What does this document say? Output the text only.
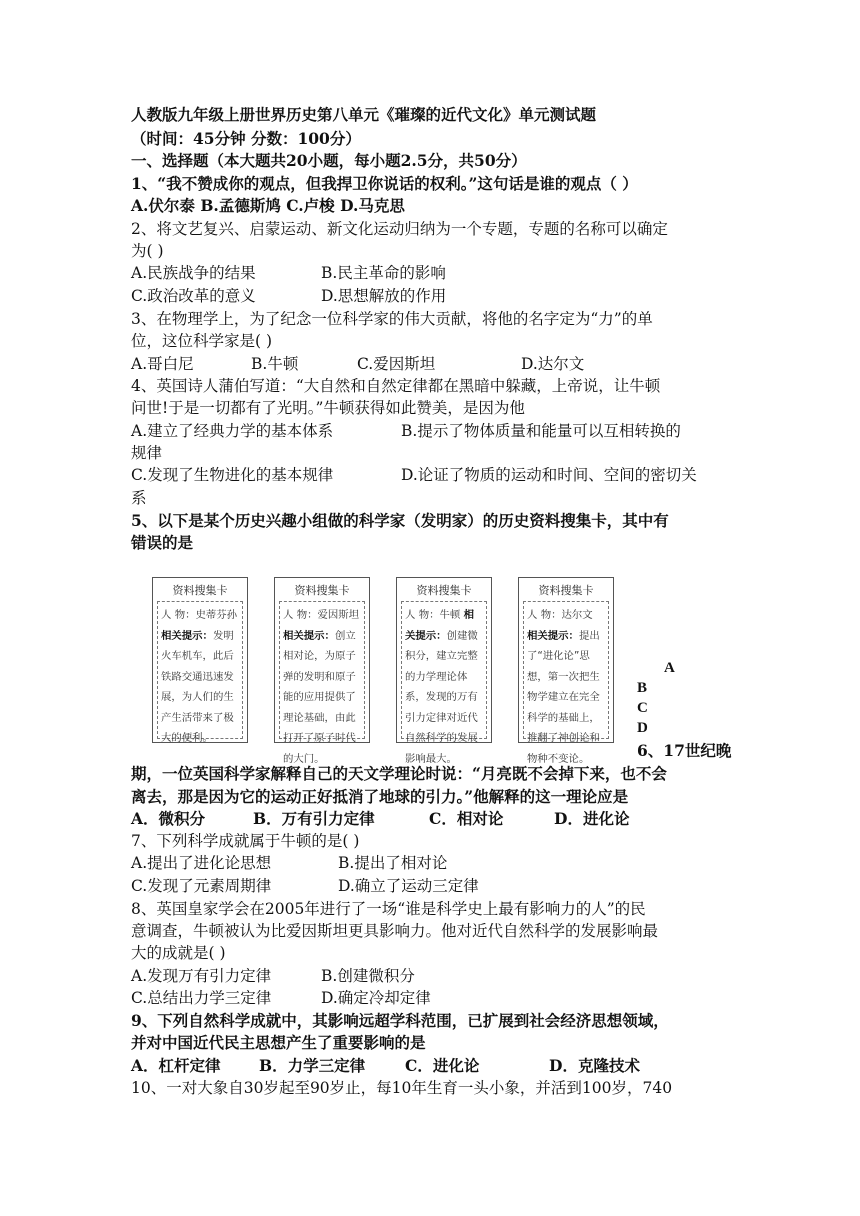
人教版九年级上册世界历史第八单元《璀璨的近代文化》单元测试题
（时间：45分钟 分数：100分）
一、选择题（本大题共20小题，每小题2.5分，共50分）
1、“我不赞成你的观点，但我捍卫你说话的权利。”这句话是谁的观点（ ）
A.伏尔泰 B.孟德斯鸠 C.卢梭 D.马克思
2、将文艺复兴、启蒙运动、新文化运动归纳为一个专题，专题的名称可以确定
为( )
A.民族战争的结果	B.民主革命的影响
C.政治改革的意义	D.思想解放的作用
3、在物理学上，为了纪念一位科学家的伟大贡献，将他的名字定为“力”的单
位，这位科学家是( )
A.哥白尼	B.牛顿	C.爱因斯坦	D.达尔文
4、英国诗人蒲伯写道：“大自然和自然定律都在黑暗中躲藏，上帝说，让牛顿
问世!于是一切都有了光明。”牛顿获得如此赞美，是因为他
A.建立了经典力学的基本体系	B.提示了物体质量和能量可以互相转换的
规律
C.发现了生物进化的基本规律	D.论证了物质的运动和时间、空间的密切关
系
5、以下是某个历史兴趣小组做的科学家（发明家）的历史资料搜集卡，其中有
错误的是
资料搜集卡
人 物：史蒂芬孙 相关提示：发明火车机车，此后铁路交通迅速发展，为人们的生产生活带来了极大的便利。
资料搜集卡
人 物：爱因斯坦 相关提示：创立相对论，为原子弹的发明和原子能的应用提供了理论基础，由此打开了原子时代的大门。
资料搜集卡
人 物：牛顿 相关提示：创建微积分，建立完整的力学理论体系，发现的万有引力定律对近代自然科学的发展影响最大。
资料搜集卡
人 物：达尔文 相关提示：提出了“进化论”思想，第一次把生物学建立在完全科学的基础上，推翻了神创论和物种不变论。
A
B
C
D
6、17世纪晚
期，一位英国科学家解释自己的天文学理论时说：“月亮既不会掉下来，也不会
离去，那是因为它的运动正好抵消了地球的引力。”他解释的这一理论应是
A．微积分	B．万有引力定律	C．相对论	D．进化论
7、下列科学成就属于牛顿的是( )
A.提出了进化论思想	B.提出了相对论
C.发现了元素周期律	D.确立了运动三定律
8、英国皇家学会在2005年进行了一场“谁是科学史上最有影响力的人”的民
意调查，牛顿被认为比爱因斯坦更具影响力。他对近代自然科学的发展影响最
大的成就是( )
A.发现万有引力定律	B.创建微积分
C.总结出力学三定律	D.确定冷却定律
9、下列自然科学成就中，其影响远超学科范围，已扩展到社会经济思想领域，
并对中国近代民主思想产生了重要影响的是
A．杠杆定律 B．力学三定律	C．进化论	D．克隆技术
10、一对大象自30岁起至90岁止，每10年生育一头小象，并活到100岁，740
